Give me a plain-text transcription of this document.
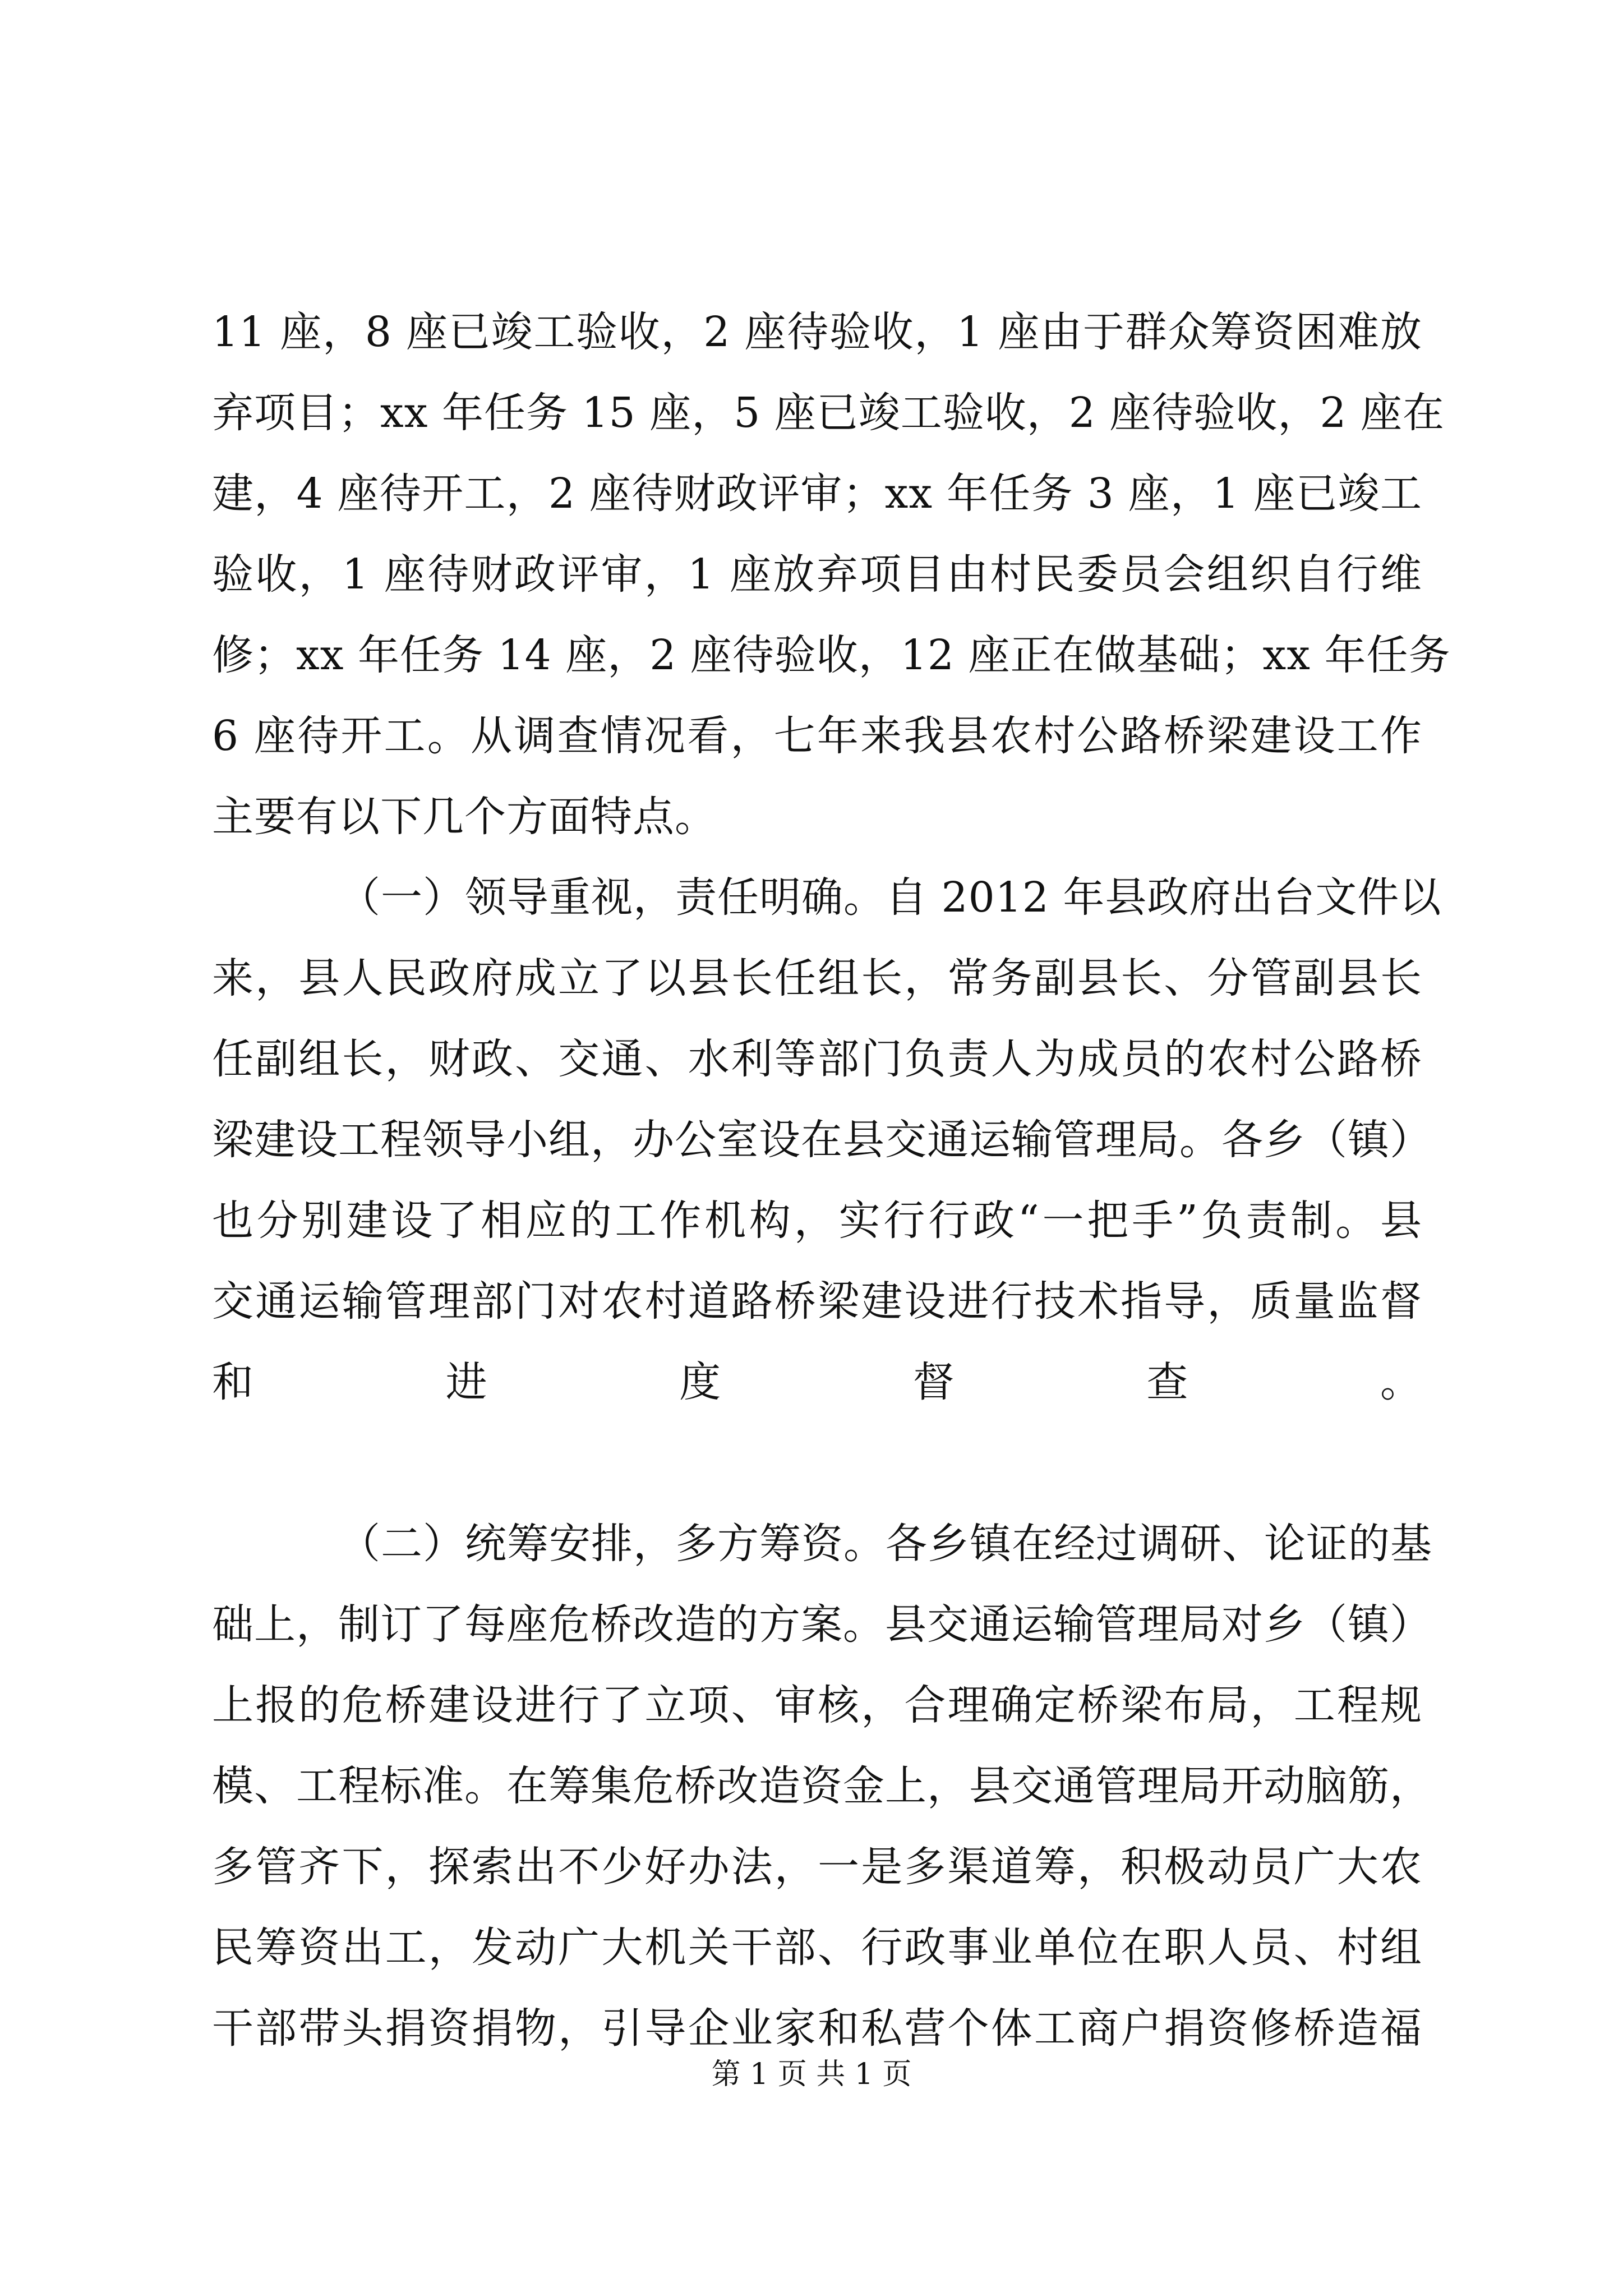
11 座，8 座已竣工验收，2 座待验收，1 座由于群众筹资困难放
弃项目；xx 年任务 15 座，5 座已竣工验收，2 座待验收，2 座在
建，4 座待开工，2 座待财政评审；xx 年任务 3 座，1 座已竣工
验收，1 座待财政评审，1 座放弃项目由村民委员会组织自行维
修；xx 年任务 14 座，2 座待验收，12 座正在做基础；xx 年任务
6 座待开工。从调查情况看，七年来我县农村公路桥梁建设工作
主要有以下几个方面特点。
（一）领导重视，责任明确。自 2012 年县政府出台文件以
来，县人民政府成立了以县长任组长，常务副县长、分管副县长
任副组长，财政、交通、水利等部门负责人为成员的农村公路桥
梁建设工程领导小组，办公室设在县交通运输管理局。各乡（镇）
也分别建设了相应的工作机构，实行行政“一把手”负责制。县
交通运输管理部门对农村道路桥梁建设进行技术指导，质量监督
和进度督查。
（二）统筹安排，多方筹资。各乡镇在经过调研、论证的基
础上，制订了每座危桥改造的方案。县交通运输管理局对乡（镇）
上报的危桥建设进行了立项、审核，合理确定桥梁布局，工程规
模、工程标准。在筹集危桥改造资金上，县交通管理局开动脑筋，
多管齐下，探索出不少好办法，一是多渠道筹，积极动员广大农
民筹资出工，发动广大机关干部、行政事业单位在职人员、村组
干部带头捐资捐物，引导企业家和私营个体工商户捐资修桥造福
第 1 页 共 1 页
